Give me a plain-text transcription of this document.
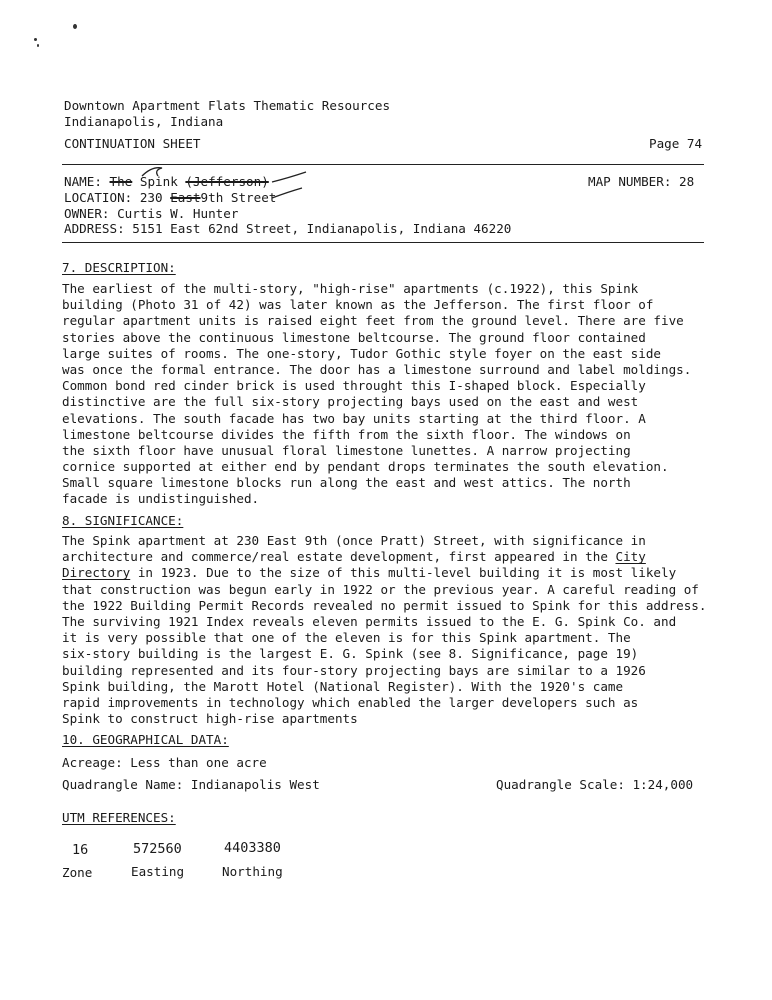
Downtown Apartment Flats Thematic Resources
Indianapolis, Indiana
CONTINUATION SHEET	Page 74
NAME: The Spink (Jefferson)	MAP NUMBER: 28
LOCATION: 230 East9th Street
OWNER: Curtis W. Hunter
ADDRESS: 5151 East 62nd Street, Indianapolis, Indiana 46220
7. DESCRIPTION:
The earliest of the multi-story, "high-rise" apartments (c.1922), this Spink
building (Photo 31 of 42) was later known as the Jefferson. The first floor of
regular apartment units is raised eight feet from the ground level. There are five
stories above the continuous limestone beltcourse. The ground floor contained
large suites of rooms. The one-story, Tudor Gothic style foyer on the east side
was once the formal entrance. The door has a limestone surround and label moldings.
Common bond red cinder brick is used throught this I-shaped block. Especially
distinctive are the full six-story projecting bays used on the east and west
elevations. The south facade has two bay units starting at the third floor. A
limestone beltcourse divides the fifth from the sixth floor. The windows on
the sixth floor have unusual floral limestone lunettes. A narrow projecting
cornice supported at either end by pendant drops terminates the south elevation.
Small square limestone blocks run along the east and west attics. The north
facade is undistinguished.
8. SIGNIFICANCE:
The Spink apartment at 230 East 9th (once Pratt) Street, with significance in
architecture and commerce/real estate development, first appeared in the City
Directory in 1923. Due to the size of this multi-level building it is most likely
that construction was begun early in 1922 or the previous year. A careful reading of
the 1922 Building Permit Records revealed no permit issued to Spink for this address.
The surviving 1921 Index reveals eleven permits issued to the E. G. Spink Co. and
it is very possible that one of the eleven is for this Spink apartment. The
six-story building is the largest E. G. Spink (see 8. Significance, page 19)
building represented and its four-story projecting bays are similar to a 1926
Spink building, the Marott Hotel (National Register). With the 1920's came
rapid improvements in technology which enabled the larger developers such as
Spink to construct high-rise apartments
10. GEOGRAPHICAL DATA:
Acreage: Less than one acre
Quadrangle Name: Indianapolis West	Quadrangle Scale: 1:24,000
UTM REFERENCES:
16	572560	4403380
Zone	Easting	Northing
